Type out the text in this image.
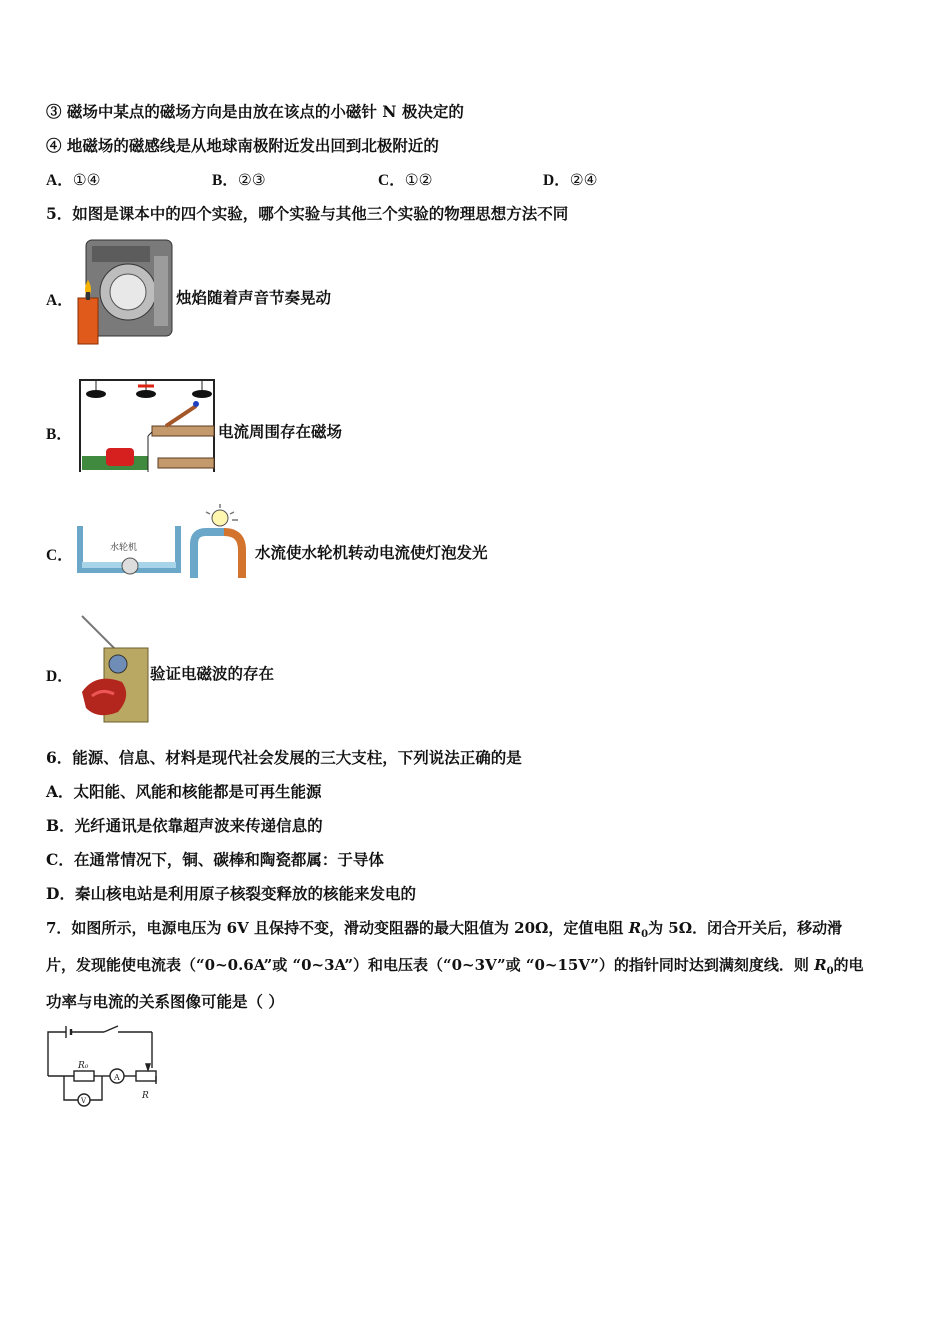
③ 磁场中某点的磁场方向是由放在该点的小磁针 N 极决定的
④ 地磁场的磁感线是从地球南极附近发出回到北极附近的
A．①④	B．②③	C．①②	D．②④
5．如图是课本中的四个实验，哪个实验与其他三个实验的物理思想方法不同
A．	烛焰随着声音节奏晃动
B．	电流周围存在磁场
C．	水轮机	水流使水轮机转动电流使灯泡发光
D．	验证电磁波的存在
6．能源、信息、材料是现代社会发展的三大支柱，下列说法正确的是
A．太阳能、风能和核能都是可再生能源
B．光纤通讯是依靠超声波来传递信息的
C．在通常情况下，铜、碳棒和陶瓷都属：于导体
D．秦山核电站是利用原子核裂变释放的核能来发电的
7．如图所示，电源电压为 6V 且保持不变，滑动变阻器的最大阻值为 20Ω，定值电阻 $R_0$为 5Ω．闭合开关后，移动滑
片，发现能使电流表（“0~0.6A”或 “0~3A”）和电压表（“0~3V”或 “0~15V”）的指针同时达到满刻度线．则 $R_0$的电
功率与电流的关系图像可能是（ ）
R₀
A
V	R
